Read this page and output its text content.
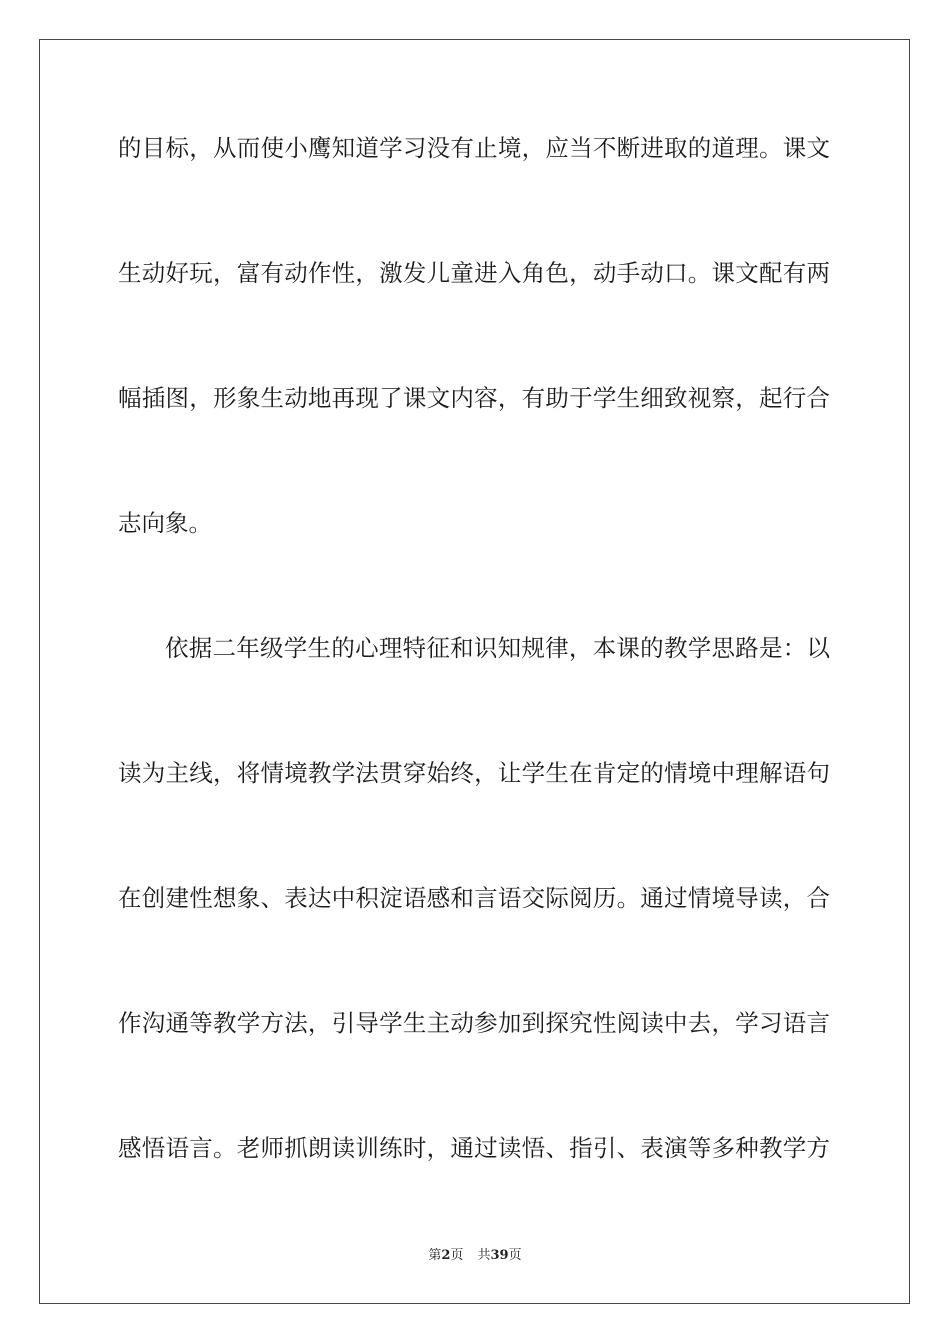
的目标，从而使小鹰知道学习没有止境，应当不断进取的道理。课文
生动好玩，富有动作性，激发儿童进入角色，动手动口。课文配有两
幅插图，形象生动地再现了课文内容，有助于学生细致视察，起行合
志向象。
依据二年级学生的心理特征和识知规律，本课的教学思路是：以
读为主线，将情境教学法贯穿始终，让学生在肯定的情境中理解语句
在创建性想象、表达中积淀语感和言语交际阅历。通过情境导读，合
作沟通等教学方法，引导学生主动参加到探究性阅读中去，学习语言
感悟语言。老师抓朗读训练时，通过读悟、指引、表演等多种教学方
第2页 共39页
